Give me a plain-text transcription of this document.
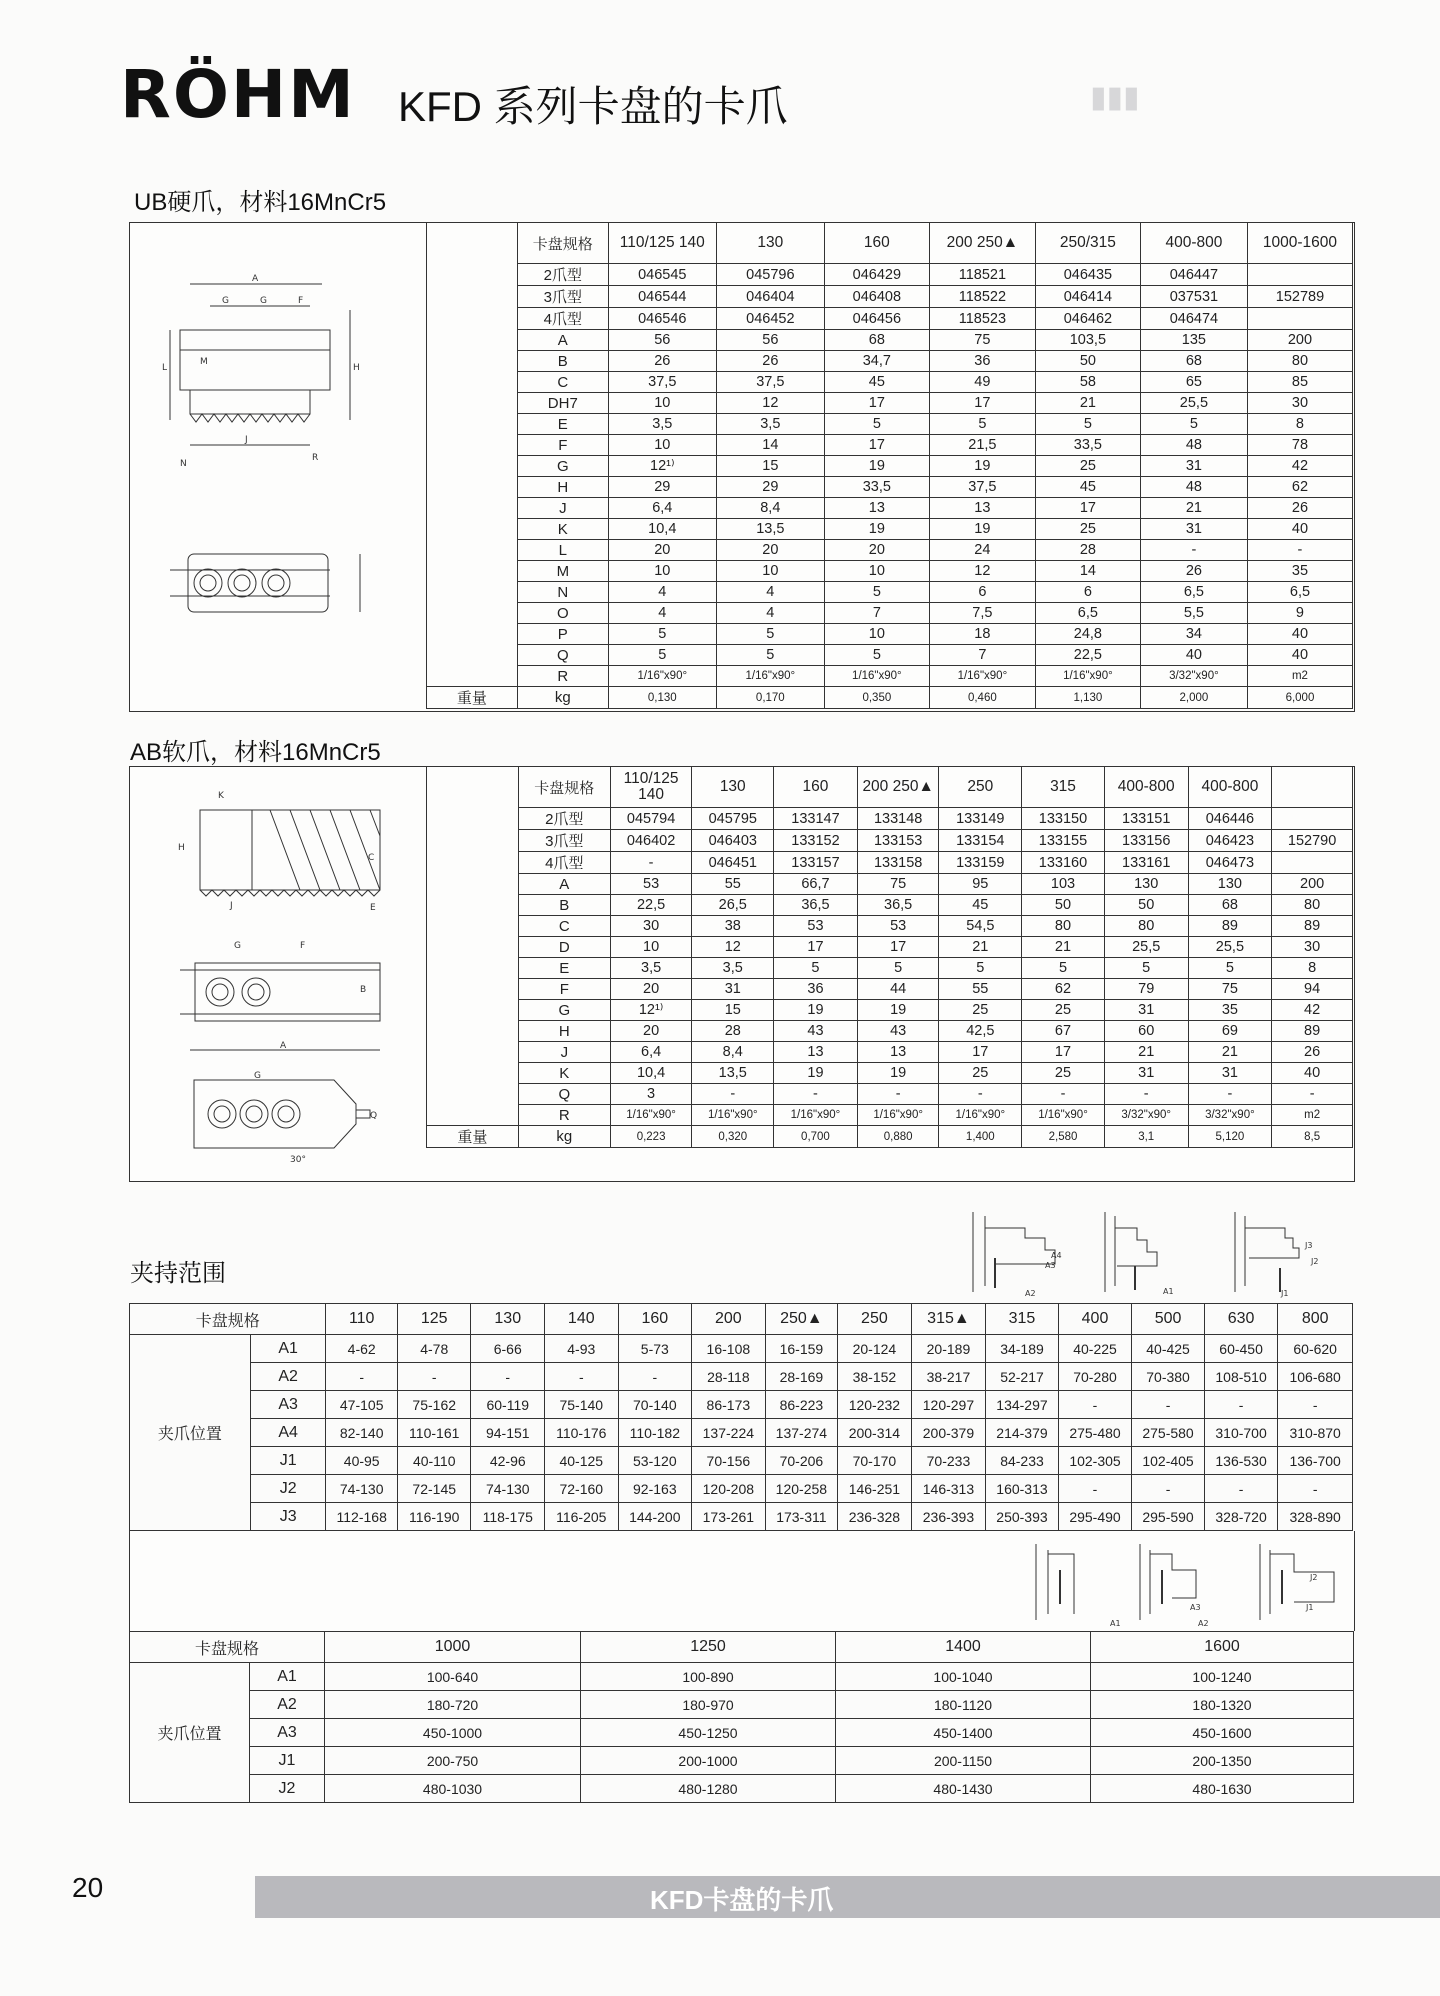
RÖHM KFD 系列卡盘的卡爪	▮▮▮
UB硬爪，材料16MnCr5
A
G	G	F
L
M
H
J
R
N
	卡盘规格	110/125 140	130	160	200 250▲	250/315	400-800	1000-1600
	2爪型	046545	045796	046429	118521	046435	046447	
	3爪型	046544	046404	046408	118522	046414	037531	152789
	4爪型	046546	046452	046456	118523	046462	046474	
	A	56	56	68	75	103,5	135	200
	B	26	26	34,7	36	50	68	80
	C	37,5	37,5	45	49	58	65	85
	DH7	10	12	17	17	21	25,5	30
	E	3,5	3,5	5	5	5	5	8
	F	10	14	17	21,5	33,5	48	78
	G	12¹⁾	15	19	19	25	31	42
	H	29	29	33,5	37,5	45	48	62
	J	6,4	8,4	13	13	17	21	26
	K	10,4	13,5	19	19	25	31	40
	L	20	20	20	24	28	-	-
	M	10	10	10	12	14	26	35
	N	4	4	5	6	6	6,5	6,5
	O	4	4	7	7,5	6,5	5,5	9
	P	5	5	10	18	24,8	34	40
	Q	5	5	5	7	22,5	40	40
	R	1/16"x90°	1/16"x90°	1/16"x90°	1/16"x90°	1/16"x90°	3/32"x90°	m2
重量	kg	0,130	0,170	0,350	0,460	1,130	2,000	6,000
AB软爪，材料16MnCr5
K
H
C
J	E
G	F
A
B
G
Q
30°
	卡盘规格	110/125 140	130	160	200 250▲	250	315	400-800	400-800	
	2爪型	045794	045795	133147	133148	133149	133150	133151	046446	
	3爪型	046402	046403	133152	133153	133154	133155	133156	046423	152790
	4爪型	-	046451	133157	133158	133159	133160	133161	046473	
	A	53	55	66,7	75	95	103	130	130	200
	B	22,5	26,5	36,5	36,5	45	50	50	68	80
	C	30	38	53	53	54,5	80	80	89	89
	D	10	12	17	17	21	21	25,5	25,5	30
	E	3,5	3,5	5	5	5	5	5	5	8
	F	20	31	36	44	55	62	79	75	94
	G	12¹⁾	15	19	19	25	25	31	35	42
	H	20	28	43	43	42,5	67	60	69	89
	J	6,4	8,4	13	13	17	17	21	21	26
	K	10,4	13,5	19	19	25	25	31	31	40
	Q	3	-	-	-	-	-	-	-	-
	R	1/16"x90°	1/16"x90°	1/16"x90°	1/16"x90°	1/16"x90°	1/16"x90°	3/32"x90°	3/32"x90°	m2
重量	kg	0,223	0,320	0,700	0,880	1,400	2,580	3,1	5,120	8,5
夹持范围	A3
A4
A2	A1
J3
J2
J1
卡盘规格		110	125	130	140	160	200	250▲	250	315▲	315	400	500	630	800
	A1	4-62	4-78	6-66	4-93	5-73	16-108	16-159	20-124	20-189	34-189	40-225	40-425	60-450	60-620
	A2	-	-	-	-	-	28-118	28-169	38-152	38-217	52-217	70-280	70-380	108-510	106-680
	A3	47-105	75-162	60-119	75-140	70-140	86-173	86-223	120-232	120-297	134-297	-	-	-	-
夹爪位置	A4	82-140	110-161	94-151	110-176	110-182	137-224	137-274	200-314	200-379	214-379	275-480	275-580	310-700	310-870
	J1	40-95	40-110	42-96	40-125	53-120	70-156	70-206	70-170	70-233	84-233	102-305	102-405	136-530	136-700
	J2	74-130	72-145	74-130	72-160	92-163	120-208	120-258	146-251	146-313	160-313	-	-	-	-
	J3	112-168	116-190	118-175	116-205	144-200	173-261	173-311	236-328	236-393	250-393	295-490	295-590	328-720	328-890
A1
A3
A2
J2
J1
卡盘规格		1000	1250	1400	1600
	A1	100-640	100-890	100-1040	100-1240
	A2	180-720	180-970	180-1120	180-1320
夹爪位置	A3	450-1000	450-1250	450-1400	450-1600
	J1	200-750	200-1000	200-1150	200-1350
	J2	480-1030	480-1280	480-1430	480-1630
20	KFD卡盘的卡爪
